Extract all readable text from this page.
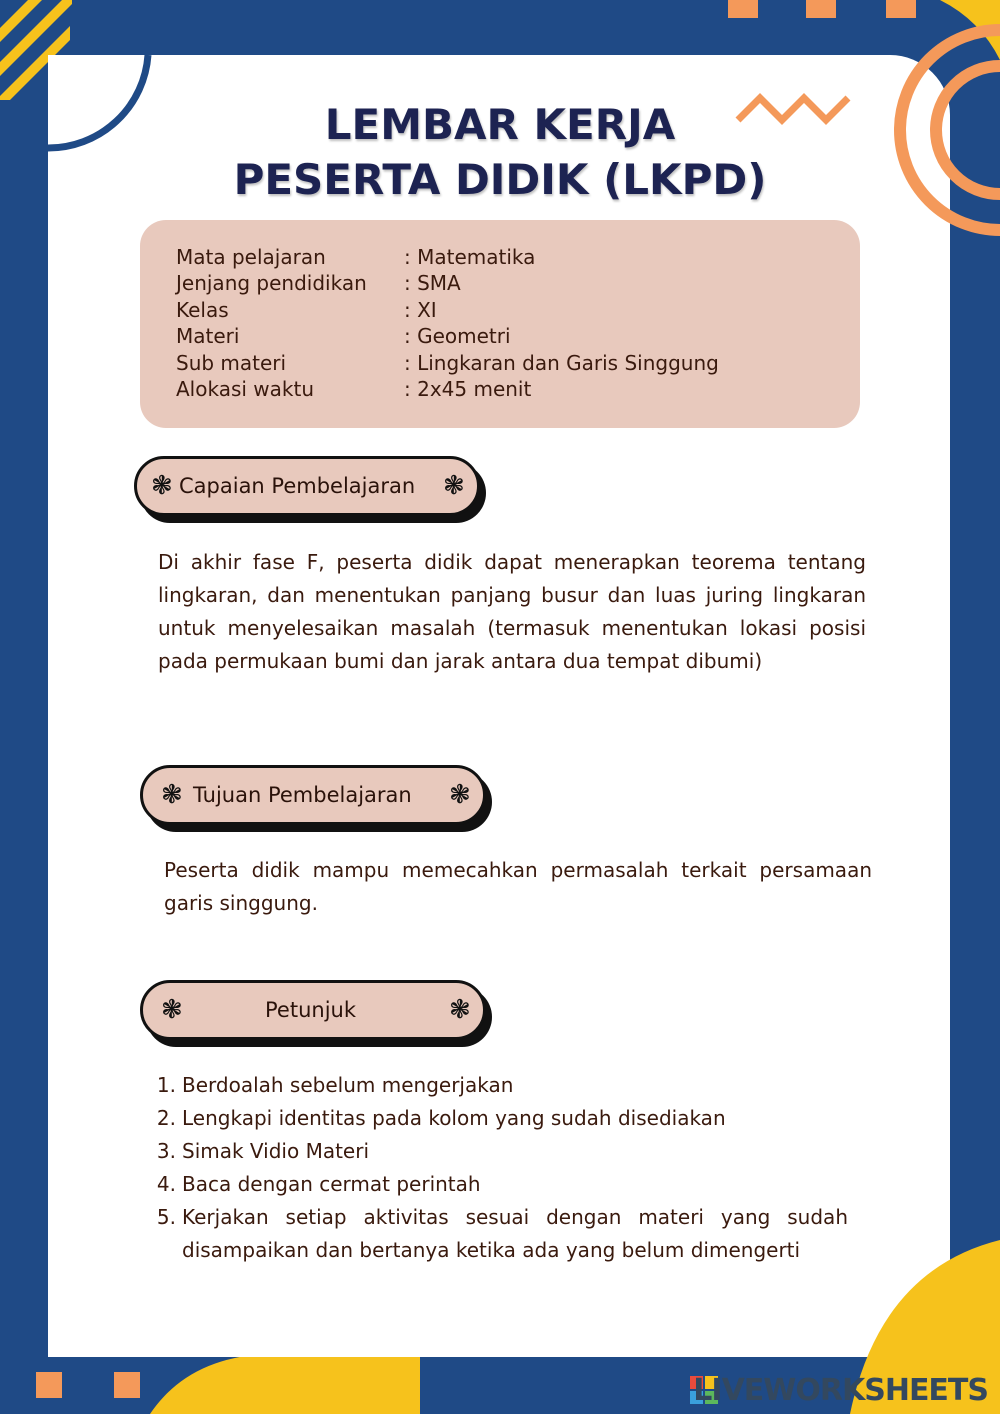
LEMBAR KERJA
PESERTA DIDIK (LKPD)
Mata pelajaran	: Matematika
Jenjang pendidikan	: SMA
Kelas	: XI
Materi	: Geometri
Sub materi	: Lingkaran dan Garis Singgung
Alokasi waktu	: 2x45 menit
❃ Capaian Pembelajaran ❃
Di akhir fase F, peserta didik dapat menerapkan teorema tentang lingkaran, dan menentukan panjang busur dan luas juring lingkaran untuk menyelesaikan masalah (termasuk menentukan lokasi posisi pada permukaan bumi dan jarak antara dua tempat dibumi)
❃ Tujuan Pembelajaran ❃
Peserta didik mampu memecahkan permasalah terkait persamaan garis singgung.
❃	Petunjuk	❃
1. Berdoalah sebelum mengerjakan
2. Lengkapi identitas pada kolom yang sudah disediakan
3. Simak Vidio Materi
4. Baca dengan cermat perintah
5. Kerjakan setiap aktivitas sesuai dengan materi yang sudah disampaikan dan bertanya ketika ada yang belum dimengerti
LIVEWORKSHEETS
